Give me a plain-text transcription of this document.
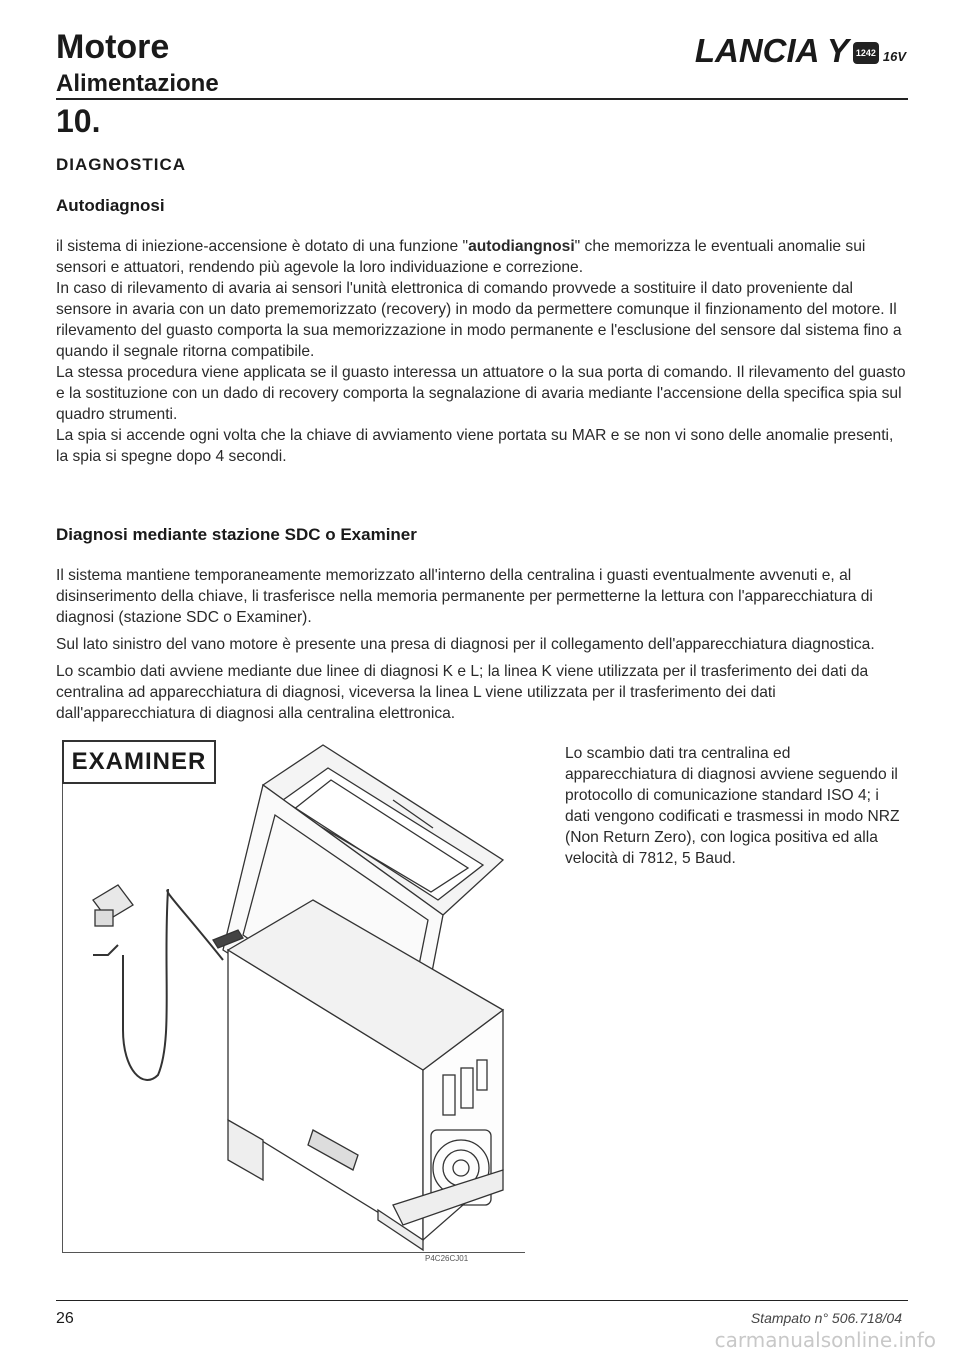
Motore
Alimentazione
LANCIA Y 1242 16V
10.
DIAGNOSTICA
Autodiagnosi

il sistema di iniezione-accensione è dotato di una funzione "autodiangnosi" che memorizza le eventuali anomalie sui sensori e attuatori, rendendo più agevole la loro individuazione e correzione.

In caso di rilevamento di avaria ai sensori l'unità elettronica di comando provvede a sostituire il dato proveniente dal sensore in avaria con un dato prememorizzato (recovery) in modo da permettere comunque il finzionamento del motore. Il rilevamento del guasto comporta la sua memorizzazione in modo permanente e l'esclusione del sensore dal sistema fino a quando il segnale ritorna compatibile.

La stessa procedura viene applicata se il guasto interessa un attuatore o la sua porta di comando. Il rilevamento del guasto e la sostituzione con un dado di recovery comporta la segnalazione di avaria mediante l'accensione della specifica spia sul quadro strumenti.

La spia si accende ogni volta che la chiave di avviamento viene portata su MAR e se non vi sono delle anomalie presenti, la spia si spegne dopo 4 secondi.

Diagnosi mediante stazione SDC o Examiner

Il sistema mantiene temporaneamente memorizzato all'interno della centralina i guasti eventualmente avvenuti e, al disinserimento della chiave, li trasferisce nella memoria permanente per permetterne la lettura con l'apparecchiatura di diagnosi (stazione SDC o Examiner).

Sul lato sinistro del vano motore è presente una presa di diagnosi per il collegamento dell'apparecchiatura diagnostica.

Lo scambio dati avviene mediante due linee di diagnosi K e L; la linea K viene utilizzata per il trasferimento dei dati da centralina ad apparecchiatura di diagnosi, viceversa la linea L viene utilizzata per il trasferimento dei dati dall'apparecchiatura di diagnosi alla centralina elettronica.

EXAMINER
P4C26CJ01
Lo scambio dati tra centralina ed apparecchiatura di diagnosi avviene seguendo il protocollo di comunicazione standard ISO 4; i dati vengono codificati e trasmessi in modo NRZ (Non Return Zero), con logica positiva ed alla velocità di 7812, 5 Baud.
26	Stampato n° 506.718/04
carmanualsonline.info
